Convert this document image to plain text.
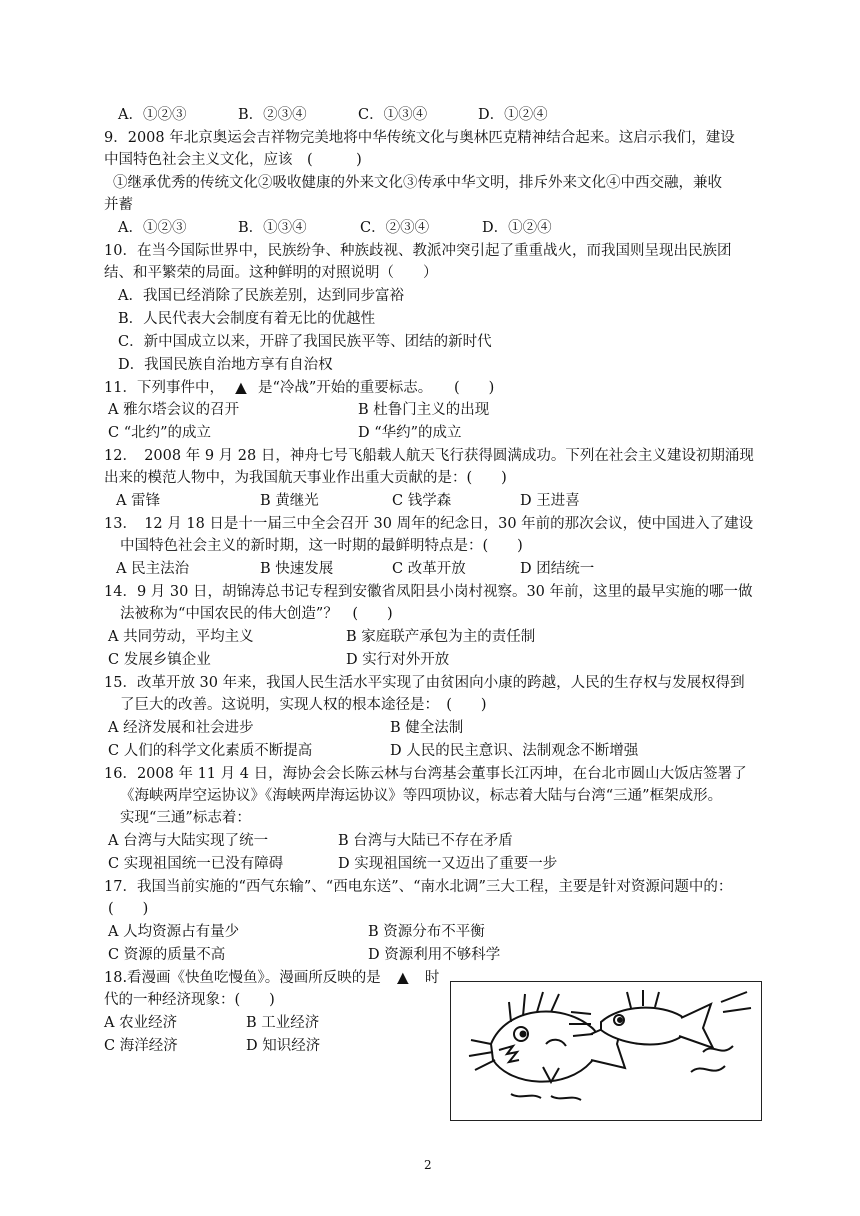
A．①②③	B．②③④	C．①③④	D．①②④
9．2008 年北京奥运会吉祥物完美地将中华传统文化与奥林匹克精神结合起来。这启示我们，建设
中国特色社会主义文化，应该　(　　　)
①继承优秀的传统文化②吸收健康的外来文化③传承中华文明，排斥外来文化④中西交融，兼收
并蓄
A．①②③	B．①③④	C．②③④	D．①②④
10．在当今国际世界中，民族纷争、种族歧视、教派冲突引起了重重战火，而我国则呈现出民族团
结、和平繁荣的局面。这种鲜明的对照说明（　　）
A．我国已经消除了民族差别，达到同步富裕
B．人民代表大会制度有着无比的优越性
C．新中国成立以来，开辟了我国民族平等、团结的新时代
D．我国民族自治地方享有自治权
11．下列事件中， ▲ 是“冷战”开始的重要标志。　　(　　)
A 雅尔塔会议的召开	B 杜鲁门主义的出现
C “北约”的成立	D “华约”的成立
12．　2008 年 9 月 28 日，神舟七号飞船载人航天飞行获得圆满成功。下列在社会主义建设初期涌现
出来的模范人物中，为我国航天事业作出重大贡献的是：(　　)
A 雷锋	B 黄继光	C 钱学森	D 王进喜
13．　12 月 18 日是十一届三中全会召开 30 周年的纪念日，30 年前的那次会议，使中国进入了建设
中国特色社会主义的新时期，这一时期的最鲜明特点是：(　　)
A 民主法治	B 快速发展	C 改革开放	D 团结统一
14．9 月 30 日，胡锦涛总书记专程到安徽省凤阳县小岗村视察。30 年前，这里的最早实施的哪一做
法被称为“中国农民的伟大创造”？　(　　)
A 共同劳动，平均主义	B 家庭联产承包为主的责任制
C 发展乡镇企业	D 实行对外开放
15．改革开放 30 年来，我国人民生活水平实现了由贫困向小康的跨越，人民的生存权与发展权得到
了巨大的改善。这说明，实现人权的根本途径是：　(　　)
A 经济发展和社会进步	B 健全法制
C 人们的科学文化素质不断提高	D 人民的民主意识、法制观念不断增强
16．2008 年 11 月 4 日，海协会会长陈云林与台湾基会董事长江丙坤，在台北市圆山大饭店签署了
《海峡两岸空运协议》《海峡两岸海运协议》等四项协议，标志着大陆与台湾“三通”框架成形。
实现“三通”标志着：
A 台湾与大陆实现了统一	B 台湾与大陆已不存在矛盾
C 实现祖国统一已没有障碍	D 实现祖国统一又迈出了重要一步
17．我国当前实施的“西气东输”、“西电东送”、“南水北调”三大工程，主要是针对资源问题中的：
(　　)
A 人均资源占有量少	B 资源分布不平衡
C 资源的质量不高	D 资源利用不够科学
18.看漫画《快鱼吃慢鱼》。漫画所反映的是 ▲ 时
代的一种经济现象：(　　)
A 农业经济	B 工业经济
C 海洋经济	D 知识经济
2
